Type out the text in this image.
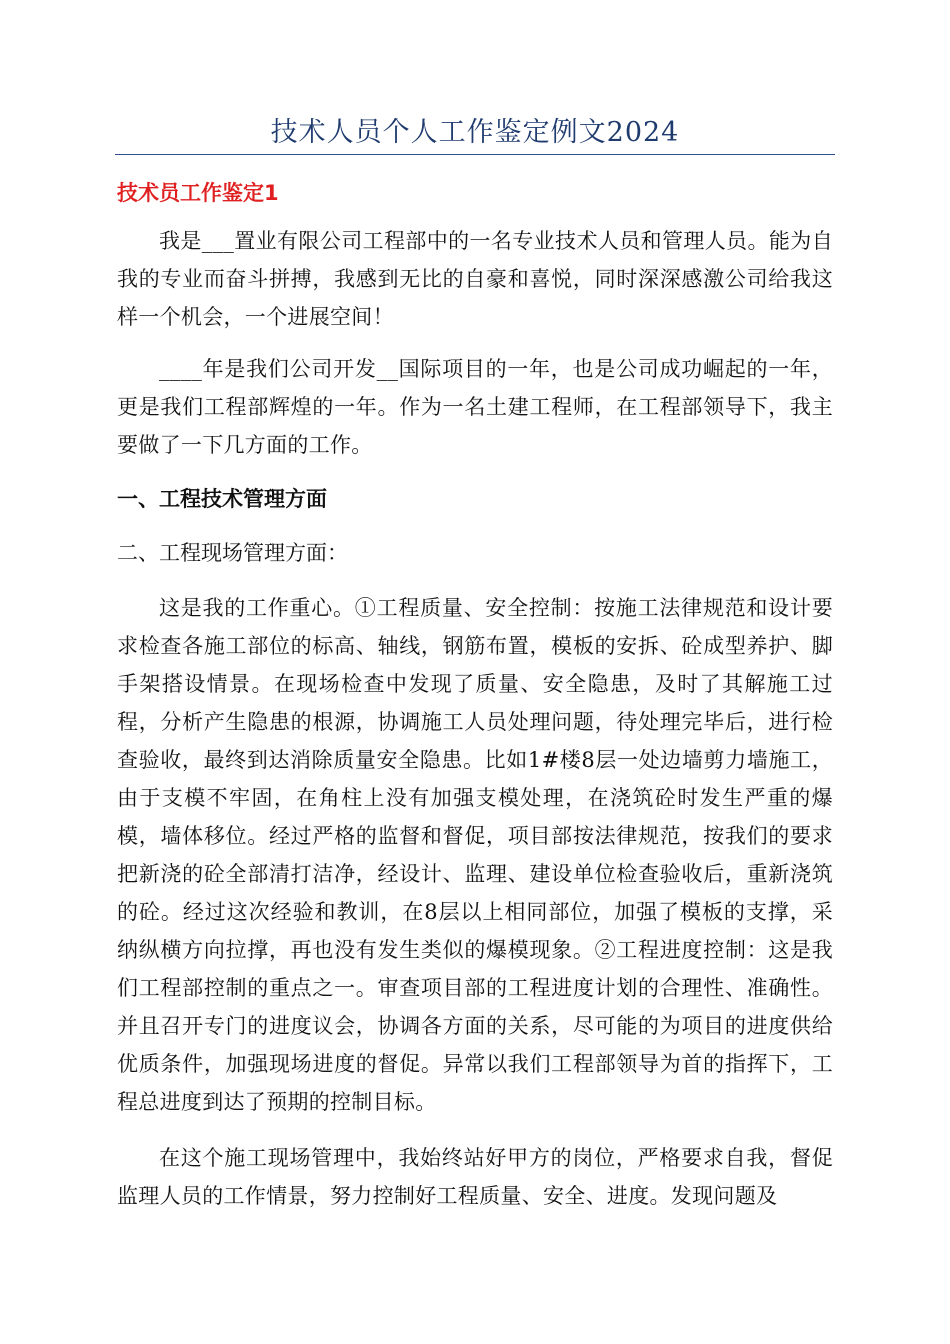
技术人员个人工作鉴定例文2024
技术员工作鉴定1

我是___置业有限公司工程部中的一名专业技术人员和管理人员。能为自我的专业而奋斗拼搏，我感到无比的自豪和喜悦，同时深深感激公司给我这样一个机会，一个进展空间！

____年是我们公司开发__国际项目的一年，也是公司成功崛起的一年，更是我们工程部辉煌的一年。作为一名土建工程师，在工程部领导下，我主要做了一下几方面的工作。

一、工程技术管理方面

二、工程现场管理方面：

这是我的工作重心。①工程质量、安全控制：按施工法律规范和设计要求检查各施工部位的标高、轴线，钢筋布置，模板的安拆、砼成型养护、脚手架搭设情景。在现场检查中发现了质量、安全隐患，及时了其解施工过程，分析产生隐患的根源，协调施工人员处理问题，待处理完毕后，进行检查验收，最终到达消除质量安全隐患。比如1#楼8层一处边墙剪力墙施工，由于支模不牢固，在角柱上没有加强支模处理，在浇筑砼时发生严重的爆模，墙体移位。经过严格的监督和督促，项目部按法律规范，按我们的要求把新浇的砼全部清打洁净，经设计、监理、建设单位检查验收后，重新浇筑的砼。经过这次经验和教训，在8层以上相同部位，加强了模板的支撑，采纳纵横方向拉撑，再也没有发生类似的爆模现象。②工程进度控制：这是我们工程部控制的重点之一。审查项目部的工程进度计划的合理性、准确性。并且召开专门的进度议会，协调各方面的关系，尽可能的为项目的进度供给优质条件，加强现场进度的督促。异常以我们工程部领导为首的指挥下，工程总进度到达了预期的控制目标。

在这个施工现场管理中，我始终站好甲方的岗位，严格要求自我，督促监理人员的工作情景，努力控制好工程质量、安全、进度。发现问题及
